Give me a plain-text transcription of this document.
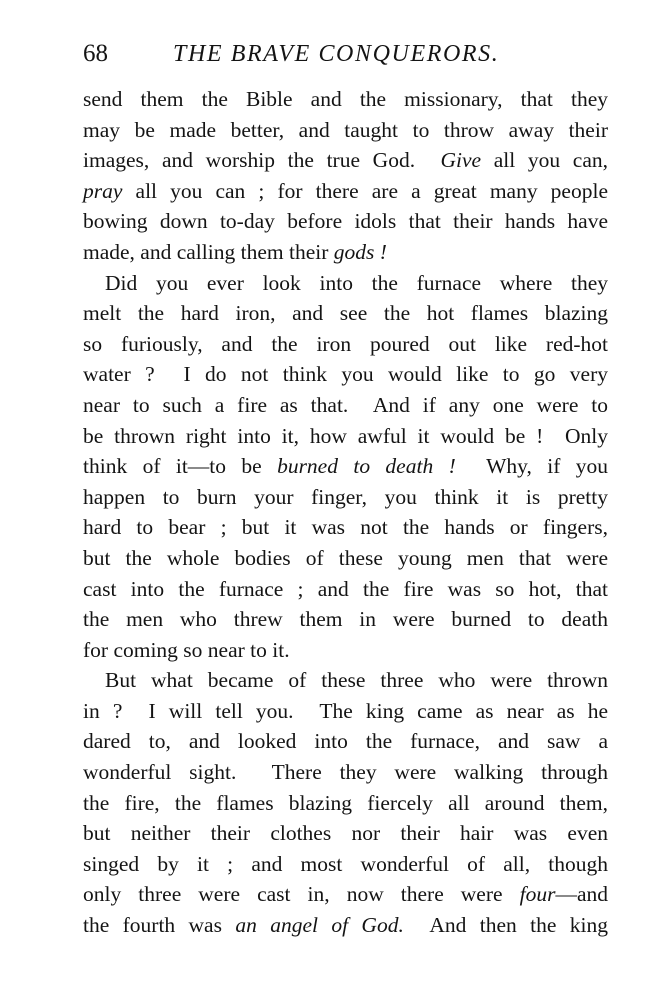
68	THE BRAVE CONQUERORS.
send them the Bible and the missionary, that they
may be made better, and taught to throw away their
images, and worship the true God.  Give all you can,
pray all you can ; for there are a great many people
bowing down to-day before idols that their hands have
made, and calling them their gods !
Did you ever look into the furnace where they
melt the hard iron, and see the hot flames blazing
so furiously, and the iron poured out like red-hot
water ?  I do not think you would like to go very
near to such a fire as that.  And if any one were to
be thrown right into it, how awful it would be !  Only
think of it—to be burned to death !  Why, if you
happen to burn your finger, you think it is pretty
hard to bear ; but it was not the hands or fingers,
but the whole bodies of these young men that were
cast into the furnace ; and the fire was so hot, that
the men who threw them in were burned to death
for coming so near to it.
But what became of these three who were thrown
in ?  I will tell you.  The king came as near as he
dared to, and looked into the furnace, and saw a
wonderful sight.  There they were walking through
the fire, the flames blazing fiercely all around them,
but neither their clothes nor their hair was even
singed by it ; and most wonderful of all, though
only three were cast in, now there were four—and
the fourth was an angel of God.  And then the king
